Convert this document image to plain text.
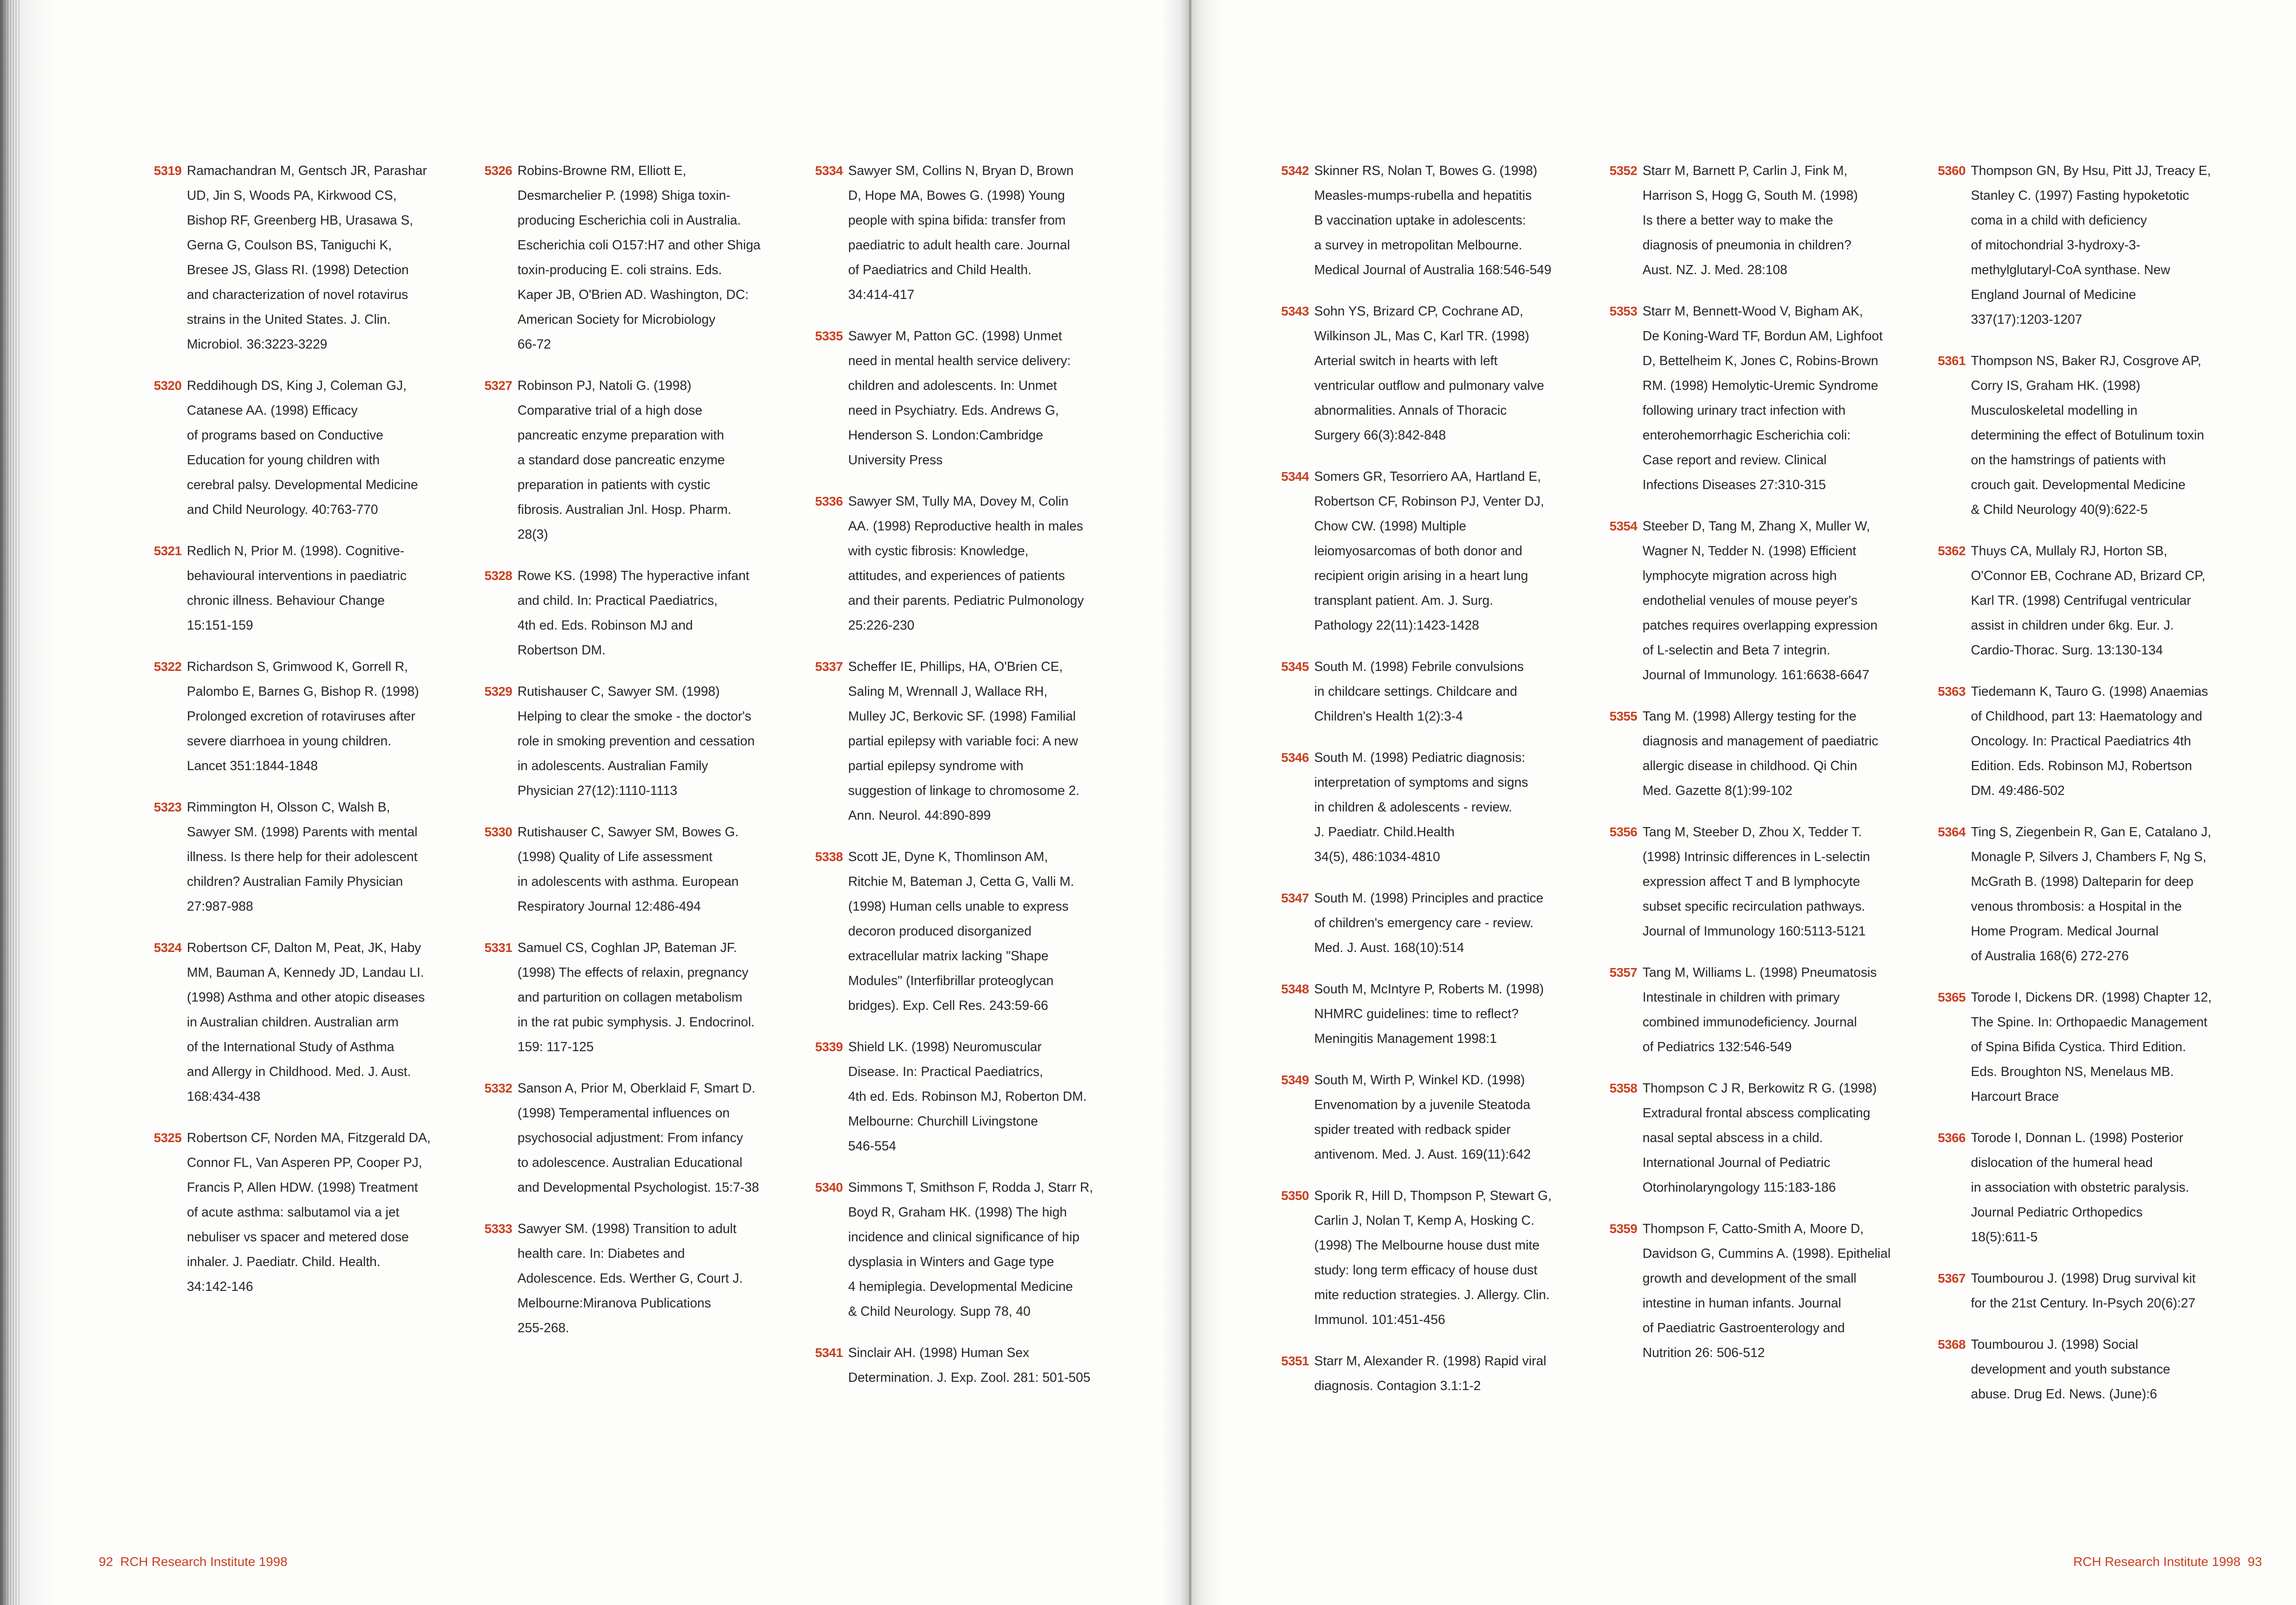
5319 Ramachandran M, Gentsch JR, Parashar
UD, Jin S, Woods PA, Kirkwood CS,
Bishop RF, Greenberg HB, Urasawa S,
Gerna G, Coulson BS, Taniguchi K,
Bresee JS, Glass RI. (1998) Detection
and characterization of novel rotavirus
strains in the United States. J. Clin.
Microbiol. 36:3223-3229
5320 Reddihough DS, King J, Coleman GJ,
Catanese AA. (1998) Efficacy
of programs based on Conductive
Education for young children with
cerebral palsy. Developmental Medicine
and Child Neurology. 40:763-770
5321 Redlich N, Prior M. (1998). Cognitive-
behavioural interventions in paediatric
chronic illness. Behaviour Change
15:151-159
5322 Richardson S, Grimwood K, Gorrell R,
Palombo E, Barnes G, Bishop R. (1998)
Prolonged excretion of rotaviruses after
severe diarrhoea in young children.
Lancet 351:1844-1848
5323 Rimmington H, Olsson C, Walsh B,
Sawyer SM. (1998) Parents with mental
illness. Is there help for their adolescent
children? Australian Family Physician
27:987-988
5324 Robertson CF, Dalton M, Peat, JK, Haby
MM, Bauman A, Kennedy JD, Landau LI.
(1998) Asthma and other atopic diseases
in Australian children. Australian arm
of the International Study of Asthma
and Allergy in Childhood. Med. J. Aust.
168:434-438
5325 Robertson CF, Norden MA, Fitzgerald DA,
Connor FL, Van Asperen PP, Cooper PJ,
Francis P, Allen HDW. (1998) Treatment
of acute asthma: salbutamol via a jet
nebuliser vs spacer and metered dose
inhaler. J. Paediatr. Child. Health.
34:142-146
5326 Robins-Browne RM, Elliott E,
Desmarchelier P. (1998) Shiga toxin-
producing Escherichia coli in Australia.
Escherichia coli O157:H7 and other Shiga
toxin-producing E. coli strains. Eds.
Kaper JB, O'Brien AD. Washington, DC:
American Society for Microbiology
66-72
5327 Robinson PJ, Natoli G. (1998)
Comparative trial of a high dose
pancreatic enzyme preparation with
a standard dose pancreatic enzyme
preparation in patients with cystic
fibrosis. Australian Jnl. Hosp. Pharm.
28(3)
5328 Rowe KS. (1998) The hyperactive infant
and child. In: Practical Paediatrics,
4th ed. Eds. Robinson MJ and
Robertson DM.
5329 Rutishauser C, Sawyer SM. (1998)
Helping to clear the smoke - the doctor's
role in smoking prevention and cessation
in adolescents. Australian Family
Physician 27(12):1110-1113
5330 Rutishauser C, Sawyer SM, Bowes G.
(1998) Quality of Life assessment
in adolescents with asthma. European
Respiratory Journal 12:486-494
5331 Samuel CS, Coghlan JP, Bateman JF.
(1998) The effects of relaxin, pregnancy
and parturition on collagen metabolism
in the rat pubic symphysis. J. Endocrinol.
159: 117-125
5332 Sanson A, Prior M, Oberklaid F, Smart D.
(1998) Temperamental influences on
psychosocial adjustment: From infancy
to adolescence. Australian Educational
and Developmental Psychologist. 15:7-38
5333 Sawyer SM. (1998) Transition to adult
health care. In: Diabetes and
Adolescence. Eds. Werther G, Court J.
Melbourne:Miranova Publications
255-268.
5334 Sawyer SM, Collins N, Bryan D, Brown
D, Hope MA, Bowes G. (1998) Young
people with spina bifida: transfer from
paediatric to adult health care. Journal
of Paediatrics and Child Health.
34:414-417
5335 Sawyer M, Patton GC. (1998) Unmet
need in mental health service delivery:
children and adolescents. In: Unmet
need in Psychiatry. Eds. Andrews G,
Henderson S. London:Cambridge
University Press
5336 Sawyer SM, Tully MA, Dovey M, Colin
AA. (1998) Reproductive health in males
with cystic fibrosis: Knowledge,
attitudes, and experiences of patients
and their parents. Pediatric Pulmonology
25:226-230
5337 Scheffer IE, Phillips, HA, O'Brien CE,
Saling M, Wrennall J, Wallace RH,
Mulley JC, Berkovic SF. (1998) Familial
partial epilepsy with variable foci: A new
partial epilepsy syndrome with
suggestion of linkage to chromosome 2.
Ann. Neurol. 44:890-899
5338 Scott JE, Dyne K, Thomlinson AM,
Ritchie M, Bateman J, Cetta G, Valli M.
(1998) Human cells unable to express
decoron produced disorganized
extracellular matrix lacking "Shape
Modules" (Interfibrillar proteoglycan
bridges). Exp. Cell Res. 243:59-66
5339 Shield LK. (1998) Neuromuscular
Disease. In: Practical Paediatrics,
4th ed. Eds. Robinson MJ, Roberton DM.
Melbourne: Churchill Livingstone
546-554
5340 Simmons T, Smithson F, Rodda J, Starr R,
Boyd R, Graham HK. (1998) The high
incidence and clinical significance of hip
dysplasia in Winters and Gage type
4 hemiplegia. Developmental Medicine
& Child Neurology. Supp 78, 40
5341 Sinclair AH. (1998) Human Sex
Determination. J. Exp. Zool. 281: 501-505
5342 Skinner RS, Nolan T, Bowes G. (1998)
Measles-mumps-rubella and hepatitis
B vaccination uptake in adolescents:
a survey in metropolitan Melbourne.
Medical Journal of Australia 168:546-549
5343 Sohn YS, Brizard CP, Cochrane AD,
Wilkinson JL, Mas C, Karl TR. (1998)
Arterial switch in hearts with left
ventricular outflow and pulmonary valve
abnormalities. Annals of Thoracic
Surgery 66(3):842-848
5344 Somers GR, Tesorriero AA, Hartland E,
Robertson CF, Robinson PJ, Venter DJ,
Chow CW. (1998) Multiple
leiomyosarcomas of both donor and
recipient origin arising in a heart lung
transplant patient. Am. J. Surg.
Pathology 22(11):1423-1428
5345 South M. (1998) Febrile convulsions
in childcare settings. Childcare and
Children's Health 1(2):3-4
5346 South M. (1998) Pediatric diagnosis:
interpretation of symptoms and signs
in children & adolescents - review.
J. Paediatr. Child.Health
34(5), 486:1034-4810
5347 South M. (1998) Principles and practice
of children's emergency care - review.
Med. J. Aust. 168(10):514
5348 South M, McIntyre P, Roberts M. (1998)
NHMRC guidelines: time to reflect?
Meningitis Management 1998:1
5349 South M, Wirth P, Winkel KD. (1998)
Envenomation by a juvenile Steatoda
spider treated with redback spider
antivenom. Med. J. Aust. 169(11):642
5350 Sporik R, Hill D, Thompson P, Stewart G,
Carlin J, Nolan T, Kemp A, Hosking C.
(1998) The Melbourne house dust mite
study: long term efficacy of house dust
mite reduction strategies. J. Allergy. Clin.
Immunol. 101:451-456
5351 Starr M, Alexander R. (1998) Rapid viral
diagnosis. Contagion 3.1:1-2
5352 Starr M, Barnett P, Carlin J, Fink M,
Harrison S, Hogg G, South M. (1998)
Is there a better way to make the
diagnosis of pneumonia in children?
Aust. NZ. J. Med. 28:108
5353 Starr M, Bennett-Wood V, Bigham AK,
De Koning-Ward TF, Bordun AM, Lighfoot
D, Bettelheim K, Jones C, Robins-Brown
RM. (1998) Hemolytic-Uremic Syndrome
following urinary tract infection with
enterohemorrhagic Escherichia coli:
Case report and review. Clinical
Infections Diseases 27:310-315
5354 Steeber D, Tang M, Zhang X, Muller W,
Wagner N, Tedder N. (1998) Efficient
lymphocyte migration across high
endothelial venules of mouse peyer's
patches requires overlapping expression
of L-selectin and Beta 7 integrin.
Journal of Immunology. 161:6638-6647
5355 Tang M. (1998) Allergy testing for the
diagnosis and management of paediatric
allergic disease in childhood. Qi Chin
Med. Gazette 8(1):99-102
5356 Tang M, Steeber D, Zhou X, Tedder T.
(1998) Intrinsic differences in L-selectin
expression affect T and B lymphocyte
subset specific recirculation pathways.
Journal of Immunology 160:5113-5121
5357 Tang M, Williams L. (1998) Pneumatosis
Intestinale in children with primary
combined immunodeficiency. Journal
of Pediatrics 132:546-549
5358 Thompson C J R, Berkowitz R G. (1998)
Extradural frontal abscess complicating
nasal septal abscess in a child.
International Journal of Pediatric
Otorhinolaryngology 115:183-186
5359 Thompson F, Catto-Smith A, Moore D,
Davidson G, Cummins A. (1998). Epithelial
growth and development of the small
intestine in human infants. Journal
of Paediatric Gastroenterology and
Nutrition 26: 506-512
5360 Thompson GN, By Hsu, Pitt JJ, Treacy E,
Stanley C. (1997) Fasting hypoketotic
coma in a child with deficiency
of mitochondrial 3-hydroxy-3-
methylglutaryl-CoA synthase. New
England Journal of Medicine
337(17):1203-1207
5361 Thompson NS, Baker RJ, Cosgrove AP,
Corry IS, Graham HK. (1998)
Musculoskeletal modelling in
determining the effect of Botulinum toxin
on the hamstrings of patients with
crouch gait. Developmental Medicine
& Child Neurology 40(9):622-5
5362 Thuys CA, Mullaly RJ, Horton SB,
O'Connor EB, Cochrane AD, Brizard CP,
Karl TR. (1998) Centrifugal ventricular
assist in children under 6kg. Eur. J.
Cardio-Thorac. Surg. 13:130-134
5363 Tiedemann K, Tauro G. (1998) Anaemias
of Childhood, part 13: Haematology and
Oncology. In: Practical Paediatrics 4th
Edition. Eds. Robinson MJ, Robertson
DM. 49:486-502
5364 Ting S, Ziegenbein R, Gan E, Catalano J,
Monagle P, Silvers J, Chambers F, Ng S,
McGrath B. (1998) Dalteparin for deep
venous thrombosis: a Hospital in the
Home Program. Medical Journal
of Australia 168(6) 272-276
5365 Torode I, Dickens DR. (1998) Chapter 12,
The Spine. In: Orthopaedic Management
of Spina Bifida Cystica. Third Edition.
Eds. Broughton NS, Menelaus MB.
Harcourt Brace
5366 Torode I, Donnan L. (1998) Posterior
dislocation of the humeral head
in association with obstetric paralysis.
Journal Pediatric Orthopedics
18(5):611-5
5367 Toumbourou J. (1998) Drug survival kit
for the 21st Century. In-Psych 20(6):27
5368 Toumbourou J. (1998) Social
development and youth substance
abuse. Drug Ed. News. (June):6
92 RCH Research Institute 1998	RCH Research Institute 1998 93
